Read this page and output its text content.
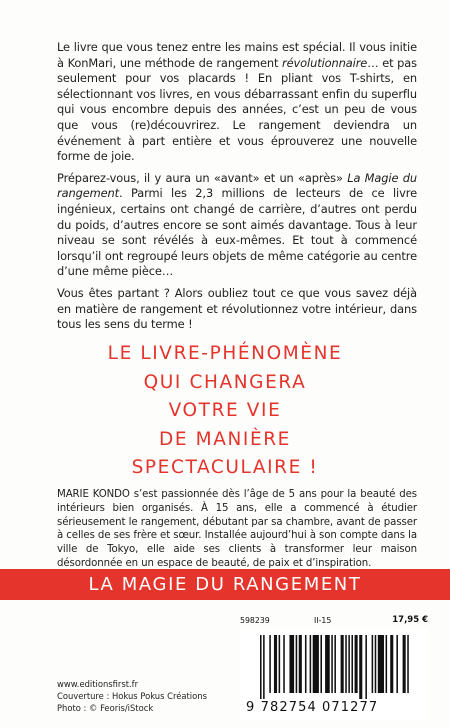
Le livre que vous tenez entre les mains est spécial. Il vous initie à KonMari, une méthode de rangement révolutionnaire… et pas seulement pour vos placards ! En pliant vos T-shirts, en sélectionnant vos livres, en vous débarrassant enfin du superflu qui vous encombre depuis des années, c’est un peu de vous que vous (re)découvrirez. Le rangement deviendra un événement à part entière et vous éprouverez une nouvelle forme de joie.

Préparez-vous, il y aura un «avant» et un «après» La Magie du rangement. Parmi les 2,3 millions de lecteurs de ce livre ingénieux, certains ont changé de carrière, d’autres ont perdu du poids, d’autres encore se sont aimés davantage. Tous à leur niveau se sont révélés à eux-mêmes. Et tout à commencé lorsqu’il ont regroupé leurs objets de même catégorie au centre d’une même pièce…

Vous êtes partant ? Alors oubliez tout ce que vous savez déjà en matière de rangement et révolutionnez votre intérieur, dans tous les sens du terme !

LE LIVRE-PHÉNOMÈNE
QUI CHANGERA
VOTRE VIE
DE MANIÈRE
SPECTACULAIRE !

MARIE KONDO s’est passionnée dès l’âge de 5 ans pour la beauté des intérieurs bien organisés. À 15 ans, elle a commencé à étudier sérieusement le rangement, débutant par sa chambre, avant de passer à celles de ses frère et sœur. Installée aujourd’hui à son compte dans la ville de Tokyo, elle aide ses clients à transformer leur maison désordonnée en un espace de beauté, de paix et d’inspiration.

LA MAGIE DU RANGEMENT
www.editionsfirst.fr
Couverture : Hokus Pokus Créations
Photo : © Feoris/iStock
598239	II-15	17,95 €
9 782754 071277
